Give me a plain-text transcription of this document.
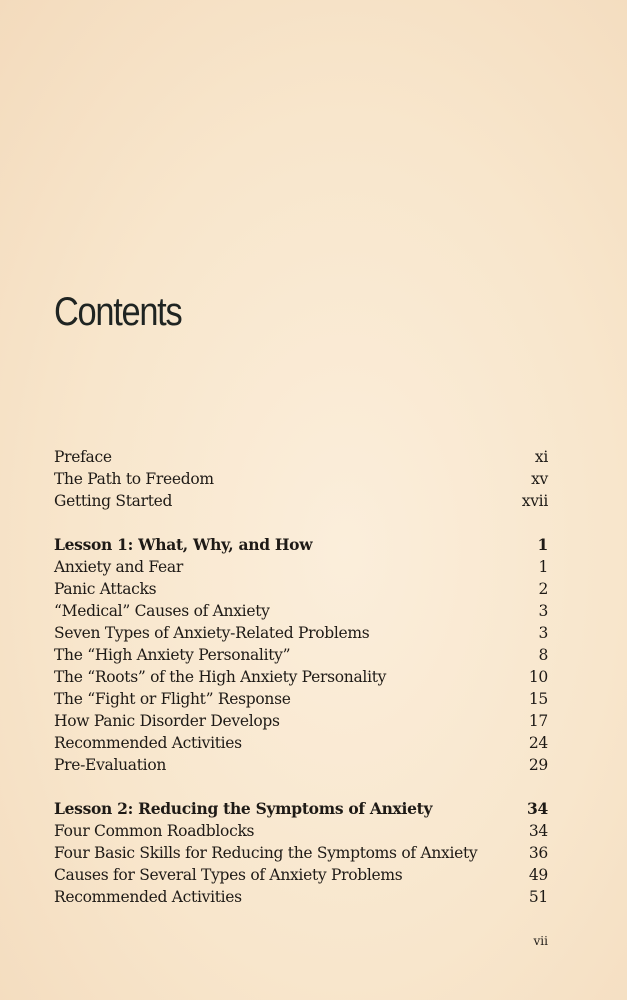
Contents
Preface	xi
The Path to Freedom	xv
Getting Started	xvii
Lesson 1: What, Why, and How	1
Anxiety and Fear	1
Panic Attacks	2
“Medical” Causes of Anxiety	3
Seven Types of Anxiety-Related Problems	3
The “High Anxiety Personality”	8
The “Roots” of the High Anxiety Personality	10
The “Fight or Flight” Response	15
How Panic Disorder Develops	17
Recommended Activities	24
Pre-Evaluation	29
Lesson 2: Reducing the Symptoms of Anxiety	34
Four Common Roadblocks	34
Four Basic Skills for Reducing the Symptoms of Anxiety	36
Causes for Several Types of Anxiety Problems	49
Recommended Activities	51
vii
